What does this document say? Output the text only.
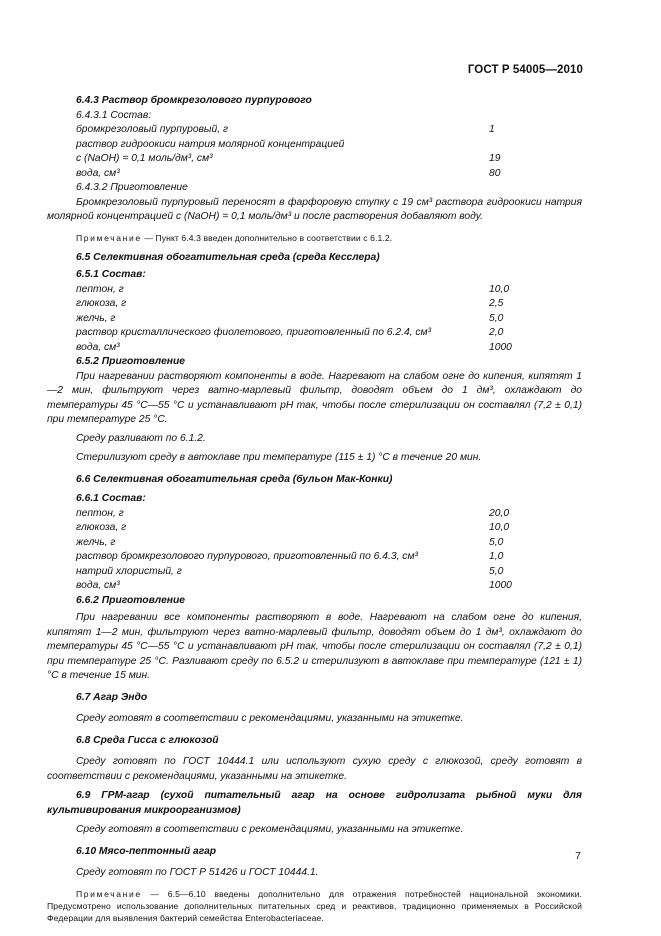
ГОСТ Р 54005—2010

6.4.3 Раствор бромкрезолового пурпурового

6.4.3.1 Состав:

бромкрезоловый пурпуровый, г	1
раствор гидроокиси натрия молярной концентрацией
с (NaOH) = 0,1 моль/дм³, см³	19
вода, см³	80

6.4.3.2 Приготовление

Бромкрезоловый пурпуровый переносят в фарфоровую ступку с 19 см³ раствора гидроокиси натрия молярной концентрацией с (NaOH) = 0,1 моль/дм³ и после растворения добавляют воду.

Примечание — Пункт 6.4.3 введен дополнительно в соответствии с 6.1.2.

6.5 Селективная обогатительная среда (среда Кесслера)

6.5.1 Состав:

пептон, г	10,0
глюкоза, г	2,5
желчь, г	5,0
раствор кристаллического фиолетового, приготовленный по 6.2.4, см³	2,0
вода, см³	1000

6.5.2 Приготовление

При нагревании растворяют компоненты в воде. Нагревают на слабом огне до кипения, кипятят 1—2 мин, фильтруют через ватно-марлевый фильтр, доводят объем до 1 дм³, охлаждают до температуры 45 °С—55 °С и устанавливают рН так, чтобы после стерилизации он составлял (7,2 ± 0,1) при температуре 25 °С.

Среду разливают по 6.1.2.

Стерилизуют среду в автоклаве при температуре (115 ± 1) °С в течение 20 мин.

6.6 Селективная обогатительная среда (бульон Мак-Конки)

6.6.1 Состав:

пептон, г	20,0
глюкоза, г	10,0
желчь, г	5,0
раствор бромкрезолового пурпурового, приготовленный по 6.4.3, см³	1,0
натрий хлористый, г	5,0
вода, см³	1000

6.6.2 Приготовление

При нагревании все компоненты растворяют в воде. Нагревают на слабом огне до кипения, кипятят 1—2 мин, фильтруют через ватно-марлевый фильтр, доводят объем до 1 дм³, охлаждают до температуры 45 °С—55 °С и устанавливают рН так, чтобы после стерилизации он составлял (7,2 ± 0,1) при температуре 25 °С. Разливают среду по 6.5.2 и стерилизуют в автоклаве при температуре (121 ± 1) °С в течение 15 мин.

6.7 Агар Эндо

Среду готовят в соответствии с рекомендациями, указанными на этикетке.

6.8 Среда Гисса с глюкозой

Среду готовят по ГОСТ 10444.1 или используют сухую среду с глюкозой, среду готовят в соответствии с рекомендациями, указанными на этикетке.

6.9 ГРМ-агар (сухой питательный агар на основе гидролизата рыбной муки для культивирования микроорганизмов)

Среду готовят в соответствии с рекомендациями, указанными на этикетке.

6.10 Мясо-пептонный агар

Среду готовят по ГОСТ Р 51426 и ГОСТ 10444.1.

Примечание — 6.5—6.10 введены дополнительно для отражения потребностей национальной экономики. Предусмотрено использование дополнительных питательных сред и реактивов, традиционно применяемых в Российской Федерации для выявления бактерий семейства Enterobacteriaceae.

7
